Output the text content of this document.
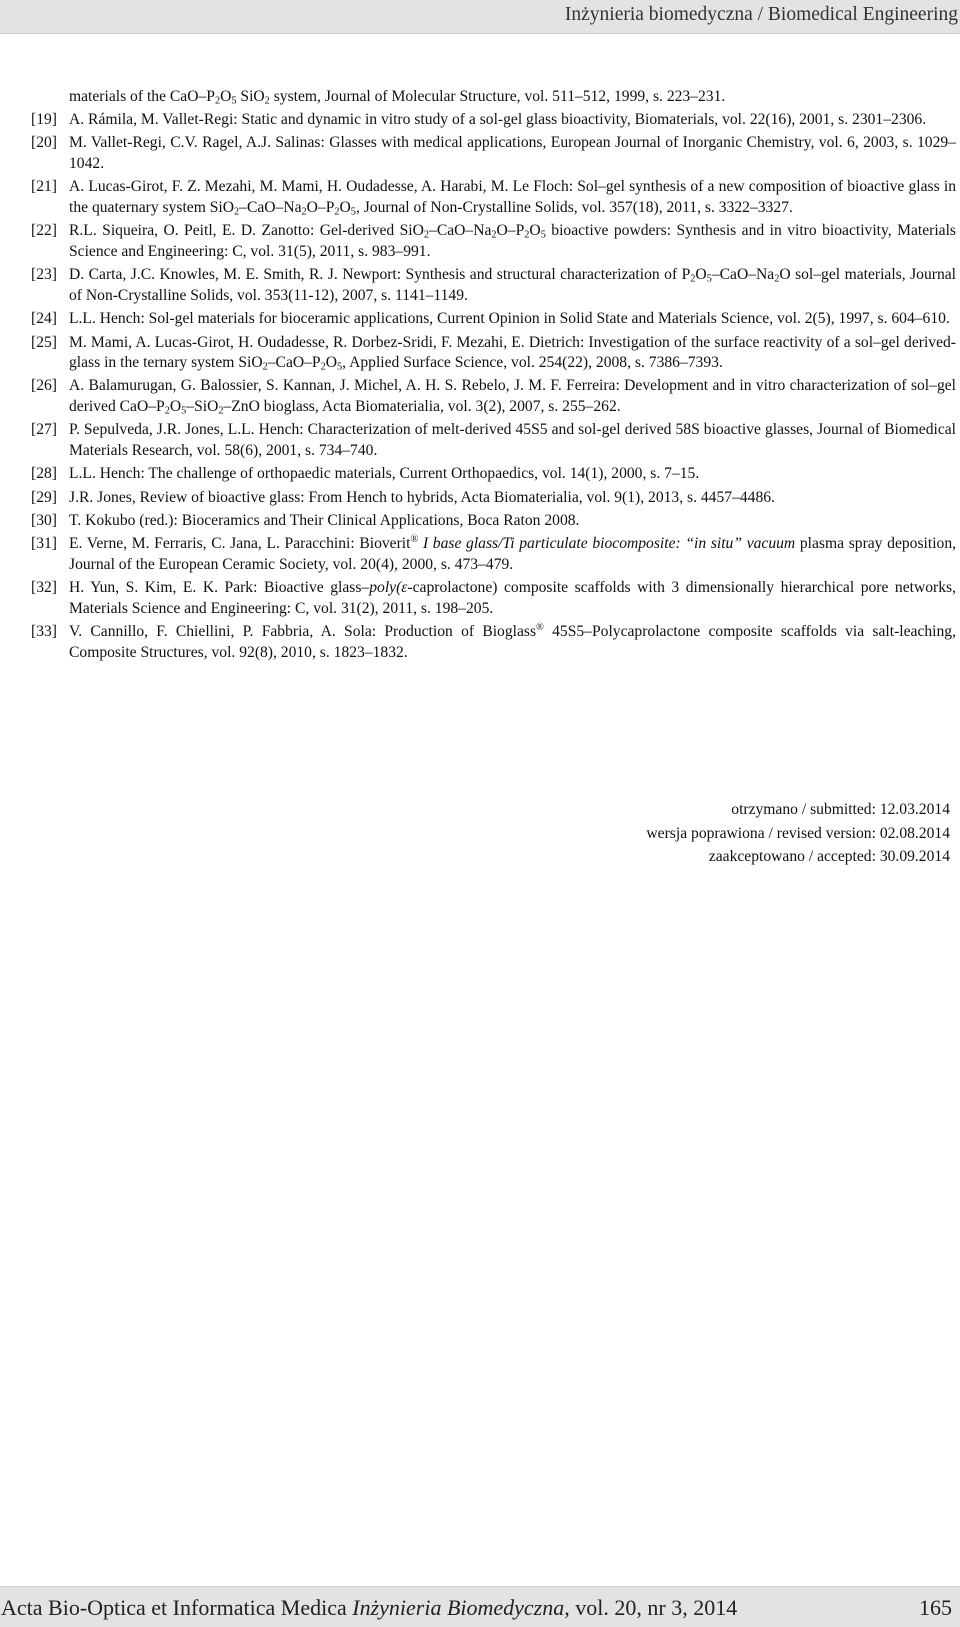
Inżynieria biomedyczna / Biomedical Engineering
materials of the CaO–$P_2O_5$ SiO$_2$ system, Journal of Molecular Structure, vol. 511–512, 1999, s. 223–231.
[19] A. Rámila, M. Vallet-Regi: Static and dynamic in vitro study of a sol-gel glass bioactivity, Biomaterials, vol. 22(16), 2001, s. 2301–2306.
[20] M. Vallet-Regi, C.V. Ragel, A.J. Salinas: Glasses with medical applications, European Journal of Inorganic Chemistry, vol. 6, 2003, s. 1029–1042.
[21] A. Lucas-Girot, F. Z. Mezahi, M. Mami, H. Oudadesse, A. Harabi, M. Le Floch: Sol–gel synthesis of a new composition of bioactive glass in the quaternary system $SiO_2-CaO-Na_2O-P_2O_5$, Journal of Non-Crystalline Solids, vol. 357(18), 2011, s. 3322–3327.
[22] R.L. Siqueira, O. Peitl, E. D. Zanotto: Gel-derived $SiO_2-CaO-Na_2O-P_2O_5$ bioactive powders: Synthesis and in vitro bioactivity, Materials Science and Engineering: C, vol. 31(5), 2011, s. 983–991.
[23] D. Carta, J.C. Knowles, M. E. Smith, R. J. Newport: Synthesis and structural characterization of $P_2O_5-CaO-Na_2O$ sol–gel materials, Journal of Non-Crystalline Solids, vol. 353(11-12), 2007, s. 1141–1149.
[24] L.L. Hench: Sol-gel materials for bioceramic applications, Current Opinion in Solid State and Materials Science, vol. 2(5), 1997, s. 604–610.
[25] M. Mami, A. Lucas-Girot, H. Oudadesse, R. Dorbez-Sridi, F. Mezahi, E. Dietrich: Investigation of the surface reactivity of a sol–gel derived-glass in the ternary system $SiO_2-CaO-P_2O_5$, Applied Surface Science, vol. 254(22), 2008, s. 7386–7393.
[26] A. Balamurugan, G. Balossier, S. Kannan, J. Michel, A. H. S. Rebelo, J. M. F. Ferreira: Development and in vitro characterization of sol–gel derived CaO–$P_2O_5-SiO_2$–ZnO bioglass, Acta Biomaterialia, vol. 3(2), 2007, s. 255–262.
[27] P. Sepulveda, J.R. Jones, L.L. Hench: Characterization of melt-derived 45S5 and sol-gel derived 58S bioactive glasses, Journal of Biomedical Materials Research, vol. 58(6), 2001, s. 734–740.
[28] L.L. Hench: The challenge of orthopaedic materials, Current Orthopaedics, vol. 14(1), 2000, s. 7–15.
[29] J.R. Jones, Review of bioactive glass: From Hench to hybrids, Acta Biomaterialia, vol. 9(1), 2013, s. 4457–4486.
[30] T. Kokubo (red.): Bioceramics and Their Clinical Applications, Boca Raton 2008.
[31] E. Verne, M. Ferraris, C. Jana, L. Paracchini: Bioverit® I base glass/Ti particulate biocomposite: “in situ” vacuum plasma spray deposition, Journal of the European Ceramic Society, vol. 20(4), 2000, s. 473–479.
[32] H. Yun, S. Kim, E. K. Park: Bioactive glass–poly(ε-caprolactone) composite scaffolds with 3 dimensionally hierarchical pore networks, Materials Science and Engineering: C, vol. 31(2), 2011, s. 198–205.
[33] V. Cannillo, F. Chiellini, P. Fabbria, A. Sola: Production of Bioglass® 45S5–Polycaprolactone composite scaffolds via salt-leaching, Composite Structures, vol. 92(8), 2010, s. 1823–1832.
otrzymano / submitted: 12.03.2014
wersja poprawiona / revised version: 02.08.2014
zaakceptowano / accepted: 30.09.2014
Acta Bio-Optica et Informatica Medica Inżynieria Biomedyczna, vol. 20, nr 3, 2014	165
